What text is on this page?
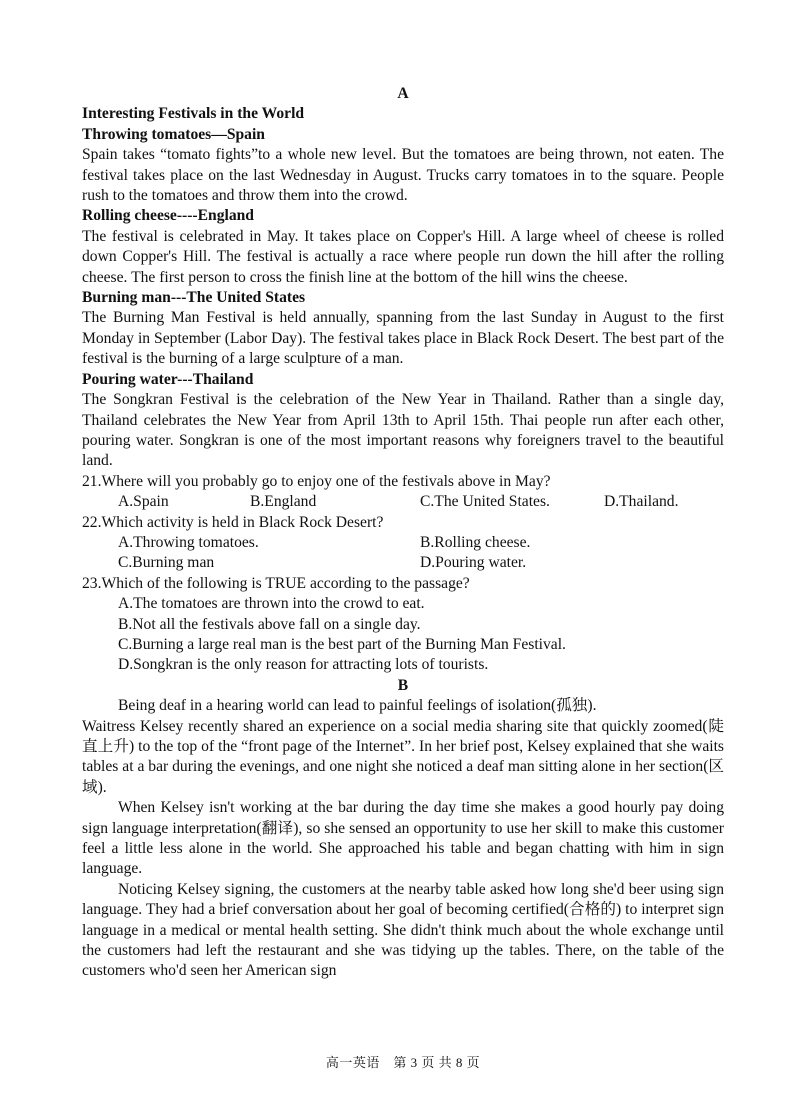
A
Interesting Festivals in the World
Throwing tomatoes—Spain
Spain takes “tomato fights”to a whole new level. But the tomatoes are being thrown, not eaten. The festival takes place on the last Wednesday in August. Trucks carry tomatoes in to the square. People rush to the tomatoes and throw them into the crowd.
Rolling cheese----England
The festival is celebrated in May. It takes place on Copper's Hill. A large wheel of cheese is rolled down Copper's Hill. The festival is actually a race where people run down the hill after the rolling cheese. The first person to cross the finish line at the bottom of the hill wins the cheese.
Burning man---The United States
The Burning Man Festival is held annually, spanning from the last Sunday in August to the first Monday in September (Labor Day). The festival takes place in Black Rock Desert. The best part of the festival is the burning of a large sculpture of a man.
Pouring water---Thailand
The Songkran Festival is the celebration of the New Year in Thailand. Rather than a single day, Thailand celebrates the New Year from April 13th to April 15th. Thai people run after each other, pouring water. Songkran is one of the most important reasons why foreigners travel to the beautiful land.
21.Where will you probably go to enjoy one of the festivals above in May?
A.Spain	B.England	C.The United States.	D.Thailand.
22.Which activity is held in Black Rock Desert?
A.Throwing tomatoes.	B.Rolling cheese.
C.Burning man	D.Pouring water.
23.Which of the following is TRUE according to the passage?
A.The tomatoes are thrown into the crowd to eat.
B.Not all the festivals above fall on a single day.
C.Burning a large real man is the best part of the Burning Man Festival.
D.Songkran is the only reason for attracting lots of tourists.
B
Being deaf in a hearing world can lead to painful feelings of isolation(孤独).
Waitress Kelsey recently shared an experience on a social media sharing site that quickly zoomed(陡直上升) to the top of the “front page of the Internet”. In her brief post, Kelsey explained that she waits tables at a bar during the evenings, and one night she noticed a deaf man sitting alone in her section(区域).
When Kelsey isn't working at the bar during the day time she makes a good hourly pay doing sign language interpretation(翻译), so she sensed an opportunity to use her skill to make this customer feel a little less alone in the world. She approached his table and began chatting with him in sign language.
Noticing Kelsey signing, the customers at the nearby table asked how long she'd beer using sign language. They had a brief conversation about her goal of becoming certified(合格的) to interpret sign language in a medical or mental health setting. She didn't think much about the whole exchange until the customers had left the restaurant and she was tidying up the tables. There, on the table of the customers who'd seen her American sign
高一英语　第 3 页 共 8 页
